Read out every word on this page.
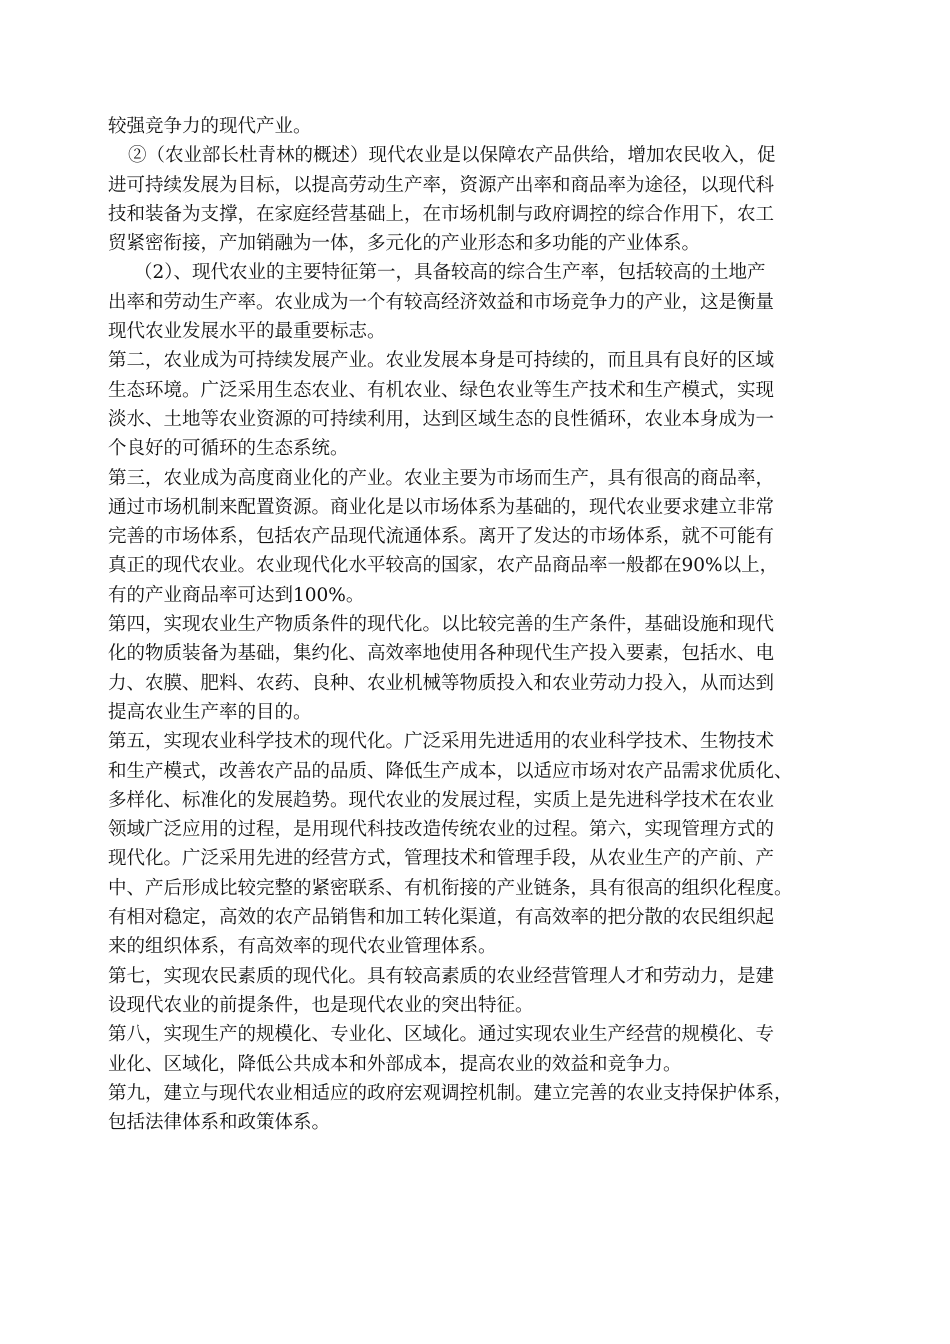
较强竞争力的现代产业。
②（农业部长杜青林的概述）现代农业是以保障农产品供给，增加农民收入，促
进可持续发展为目标，以提高劳动生产率，资源产出率和商品率为途径，以现代科
技和装备为支撑，在家庭经营基础上，在市场机制与政府调控的综合作用下，农工
贸紧密衔接，产加销融为一体，多元化的产业形态和多功能的产业体系。
（2）、现代农业的主要特征第一，具备较高的综合生产率，包括较高的土地产
出率和劳动生产率。农业成为一个有较高经济效益和市场竞争力的产业，这是衡量
现代农业发展水平的最重要标志。
第二，农业成为可持续发展产业。农业发展本身是可持续的，而且具有良好的区域
生态环境。广泛采用生态农业、有机农业、绿色农业等生产技术和生产模式，实现
淡水、土地等农业资源的可持续利用，达到区域生态的良性循环，农业本身成为一
个良好的可循环的生态系统。
第三，农业成为高度商业化的产业。农业主要为市场而生产，具有很高的商品率，
通过市场机制来配置资源。商业化是以市场体系为基础的，现代农业要求建立非常
完善的市场体系，包括农产品现代流通体系。离开了发达的市场体系，就不可能有
真正的现代农业。农业现代化水平较高的国家，农产品商品率一般都在90%以上，
有的产业商品率可达到100%。
第四，实现农业生产物质条件的现代化。以比较完善的生产条件，基础设施和现代
化的物质装备为基础，集约化、高效率地使用各种现代生产投入要素，包括水、电
力、农膜、肥料、农药、良种、农业机械等物质投入和农业劳动力投入，从而达到
提高农业生产率的目的。
第五，实现农业科学技术的现代化。广泛采用先进适用的农业科学技术、生物技术
和生产模式，改善农产品的品质、降低生产成本，以适应市场对农产品需求优质化、
多样化、标准化的发展趋势。现代农业的发展过程，实质上是先进科学技术在农业
领域广泛应用的过程，是用现代科技改造传统农业的过程。第六，实现管理方式的
现代化。广泛采用先进的经营方式，管理技术和管理手段，从农业生产的产前、产
中、产后形成比较完整的紧密联系、有机衔接的产业链条，具有很高的组织化程度。
有相对稳定，高效的农产品销售和加工转化渠道，有高效率的把分散的农民组织起
来的组织体系，有高效率的现代农业管理体系。
第七，实现农民素质的现代化。具有较高素质的农业经营管理人才和劳动力，是建
设现代农业的前提条件，也是现代农业的突出特征。
第八，实现生产的规模化、专业化、区域化。通过实现农业生产经营的规模化、专
业化、区域化，降低公共成本和外部成本，提高农业的效益和竞争力。
第九，建立与现代农业相适应的政府宏观调控机制。建立完善的农业支持保护体系，
包括法律体系和政策体系。
